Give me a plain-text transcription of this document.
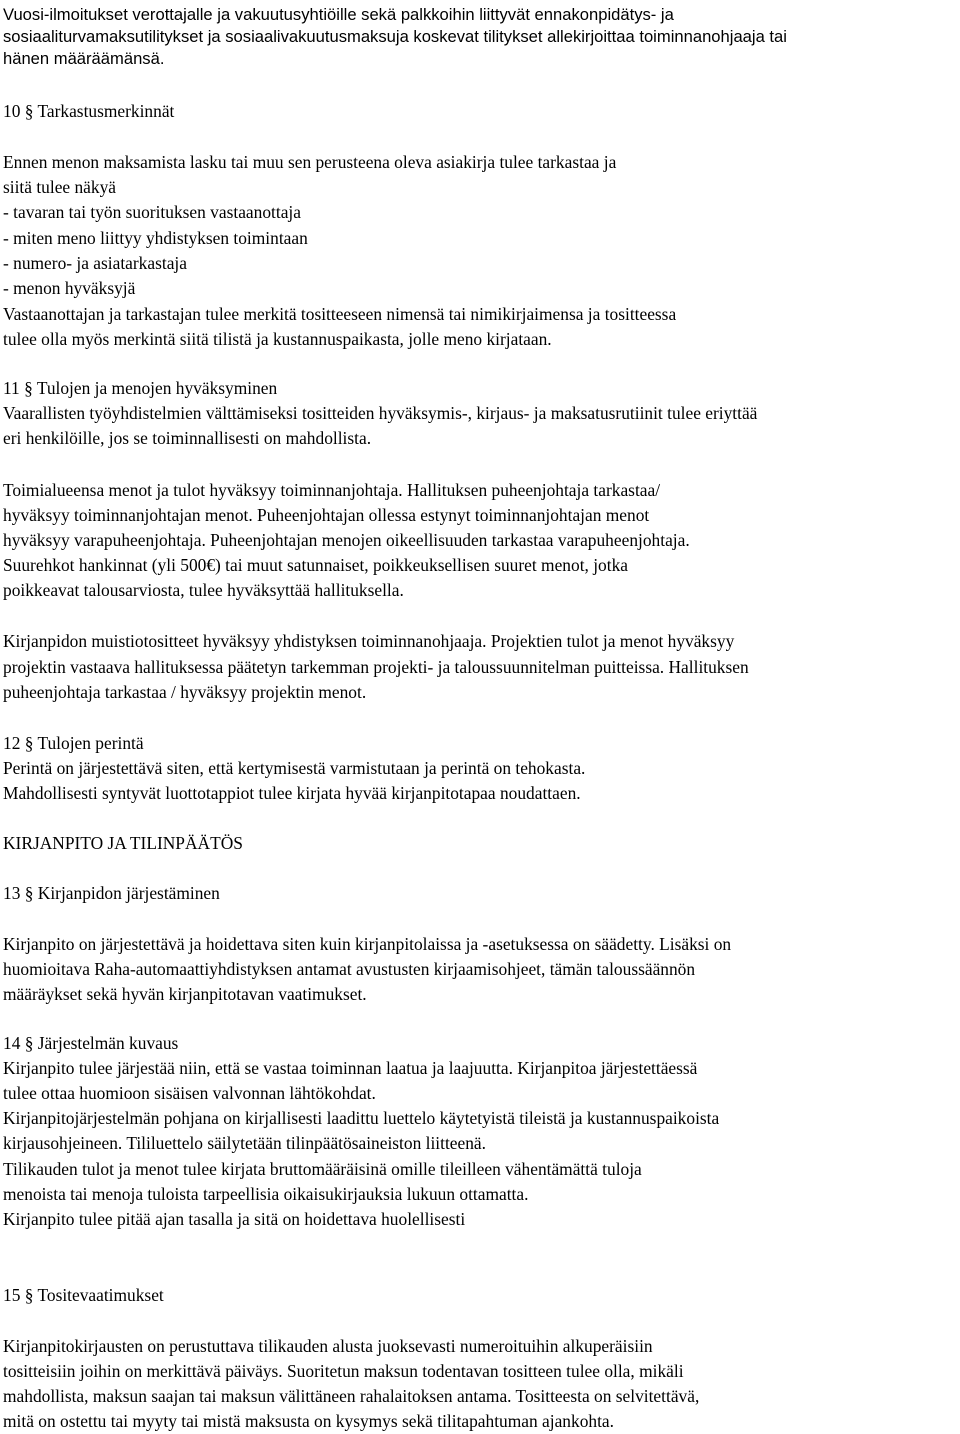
Vuosi-ilmoitukset verottajalle ja vakuutusyhtiöille sekä palkkoihin liittyvät ennakonpidätys- ja
sosiaaliturvamaksutilitykset ja sosiaalivakuutusmaksuja koskevat tilitykset allekirjoittaa toiminnanohjaaja tai
hänen määräämänsä.
10 § Tarkastusmerkinnät
Ennen menon maksamista lasku tai muu sen perusteena oleva asiakirja tulee tarkastaa ja
siitä tulee näkyä
- tavaran tai työn suorituksen vastaanottaja
- miten meno liittyy yhdistyksen toimintaan
- numero- ja asiatarkastaja
- menon hyväksyjä
Vastaanottajan ja tarkastajan tulee merkitä tositteeseen nimensä tai nimikirjaimensa ja tositteessa
tulee olla myös merkintä siitä tilistä ja kustannuspaikasta, jolle meno kirjataan.
11 § Tulojen ja menojen hyväksyminen
Vaarallisten työyhdistelmien välttämiseksi tositteiden hyväksymis-, kirjaus- ja maksatusrutiinit tulee eriyttää
eri henkilöille, jos se toiminnallisesti on mahdollista.
Toimialueensa menot ja tulot hyväksyy toiminnanjohtaja. Hallituksen puheenjohtaja tarkastaa/
hyväksyy toiminnanjohtajan menot. Puheenjohtajan ollessa estynyt toiminnanjohtajan menot
hyväksyy varapuheenjohtaja. Puheenjohtajan menojen oikeellisuuden tarkastaa varapuheenjohtaja.
Suurehkot hankinnat (yli 500€) tai muut satunnaiset, poikkeuksellisen suuret menot, jotka
poikkeavat talousarviosta, tulee hyväksyttää hallituksella.
Kirjanpidon muistiotositteet hyväksyy yhdistyksen toiminnanohjaaja. Projektien tulot ja menot hyväksyy
projektin vastaava hallituksessa päätetyn tarkemman projekti- ja taloussuunnitelman puitteissa. Hallituksen
puheenjohtaja tarkastaa / hyväksyy projektin menot.
12 § Tulojen perintä
Perintä on järjestettävä siten, että kertymisestä varmistutaan ja perintä on tehokasta.
Mahdollisesti syntyvät luottotappiot tulee kirjata hyvää kirjanpitotapaa noudattaen.
KIRJANPITO JA TILINPÄÄTÖS
13 § Kirjanpidon järjestäminen
Kirjanpito on järjestettävä ja hoidettava siten kuin kirjanpitolaissa ja -asetuksessa on säädetty. Lisäksi on
huomioitava Raha-automaattiyhdistyksen antamat avustusten kirjaamisohjeet, tämän taloussäännön
määräykset sekä hyvän kirjanpitotavan vaatimukset.
14 § Järjestelmän kuvaus
Kirjanpito tulee järjestää niin, että se vastaa toiminnan laatua ja laajuutta. Kirjanpitoa järjestettäessä
tulee ottaa huomioon sisäisen valvonnan lähtökohdat.
Kirjanpitojärjestelmän pohjana on kirjallisesti laadittu luettelo käytetyistä tileistä ja kustannuspaikoista
kirjausohjeineen. Tililuettelo säilytetään tilinpäätösaineiston liitteenä.
Tilikauden tulot ja menot tulee kirjata bruttomääräisinä omille tileilleen vähentämättä tuloja
menoista tai menoja tuloista tarpeellisia oikaisukirjauksia lukuun ottamatta.
Kirjanpito tulee pitää ajan tasalla ja sitä on hoidettava huolellisesti
15 § Tositevaatimukset
Kirjanpitokirjausten on perustuttava tilikauden alusta juoksevasti numeroituihin alkuperäisiin
tositteisiin joihin on merkittävä päiväys. Suoritetun maksun todentavan tositteen tulee olla, mikäli
mahdollista, maksun saajan tai maksun välittäneen rahalaitoksen antama. Tositteesta on selvitettävä,
mitä on ostettu tai myyty tai mistä maksusta on kysymys sekä tilitapahtuman ajankohta.
